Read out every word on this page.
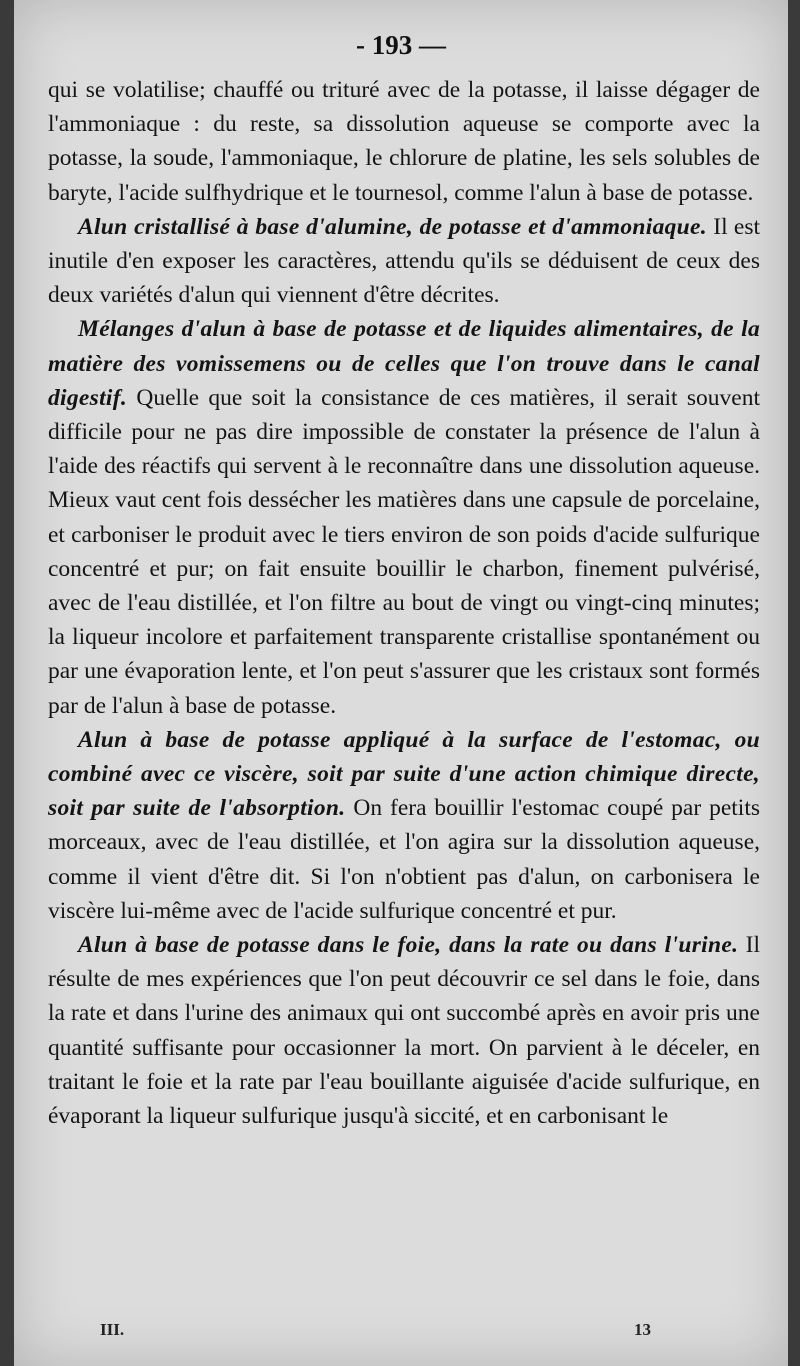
- 193 —

qui se volatilise; chauffé ou trituré avec de la potasse, il laisse dégager de l'ammoniaque : du reste, sa dissolution aqueuse se comporte avec la potasse, la soude, l'ammoniaque, le chlorure de platine, les sels solubles de baryte, l'acide sulfhydrique et le tournesol, comme l'alun à base de potasse.

Alun cristallisé à base d'alumine, de potasse et d'ammoniaque. Il est inutile d'en exposer les caractères, attendu qu'ils se déduisent de ceux des deux variétés d'alun qui viennent d'être décrites.

Mélanges d'alun à base de potasse et de liquides alimentaires, de la matière des vomissemens ou de celles que l'on trouve dans le canal digestif. Quelle que soit la consistance de ces matières, il serait souvent difficile pour ne pas dire impossible de constater la présence de l'alun à l'aide des réactifs qui servent à le reconnaître dans une dissolution aqueuse. Mieux vaut cent fois dessécher les matières dans une capsule de porcelaine, et carboniser le produit avec le tiers environ de son poids d'acide sulfurique concentré et pur; on fait ensuite bouillir le charbon, finement pulvérisé, avec de l'eau distillée, et l'on filtre au bout de vingt ou vingt-cinq minutes; la liqueur incolore et parfaitement transparente cristallise spontanément ou par une évaporation lente, et l'on peut s'assurer que les cristaux sont formés par de l'alun à base de potasse.

Alun à base de potasse appliqué à la surface de l'estomac, ou combiné avec ce viscère, soit par suite d'une action chimique directe, soit par suite de l'absorption. On fera bouillir l'estomac coupé par petits morceaux, avec de l'eau distillée, et l'on agira sur la dissolution aqueuse, comme il vient d'être dit. Si l'on n'obtient pas d'alun, on carbonisera le viscère lui-même avec de l'acide sulfurique concentré et pur.

Alun à base de potasse dans le foie, dans la rate ou dans l'urine. Il résulte de mes expériences que l'on peut découvrir ce sel dans le foie, dans la rate et dans l'urine des animaux qui ont succombé après en avoir pris une quantité suffisante pour occasionner la mort. On parvient à le déceler, en traitant le foie et la rate par l'eau bouillante aiguisée d'acide sulfurique, en évaporant la liqueur sulfurique jusqu'à siccité, et en carbonisant le

III.	13
